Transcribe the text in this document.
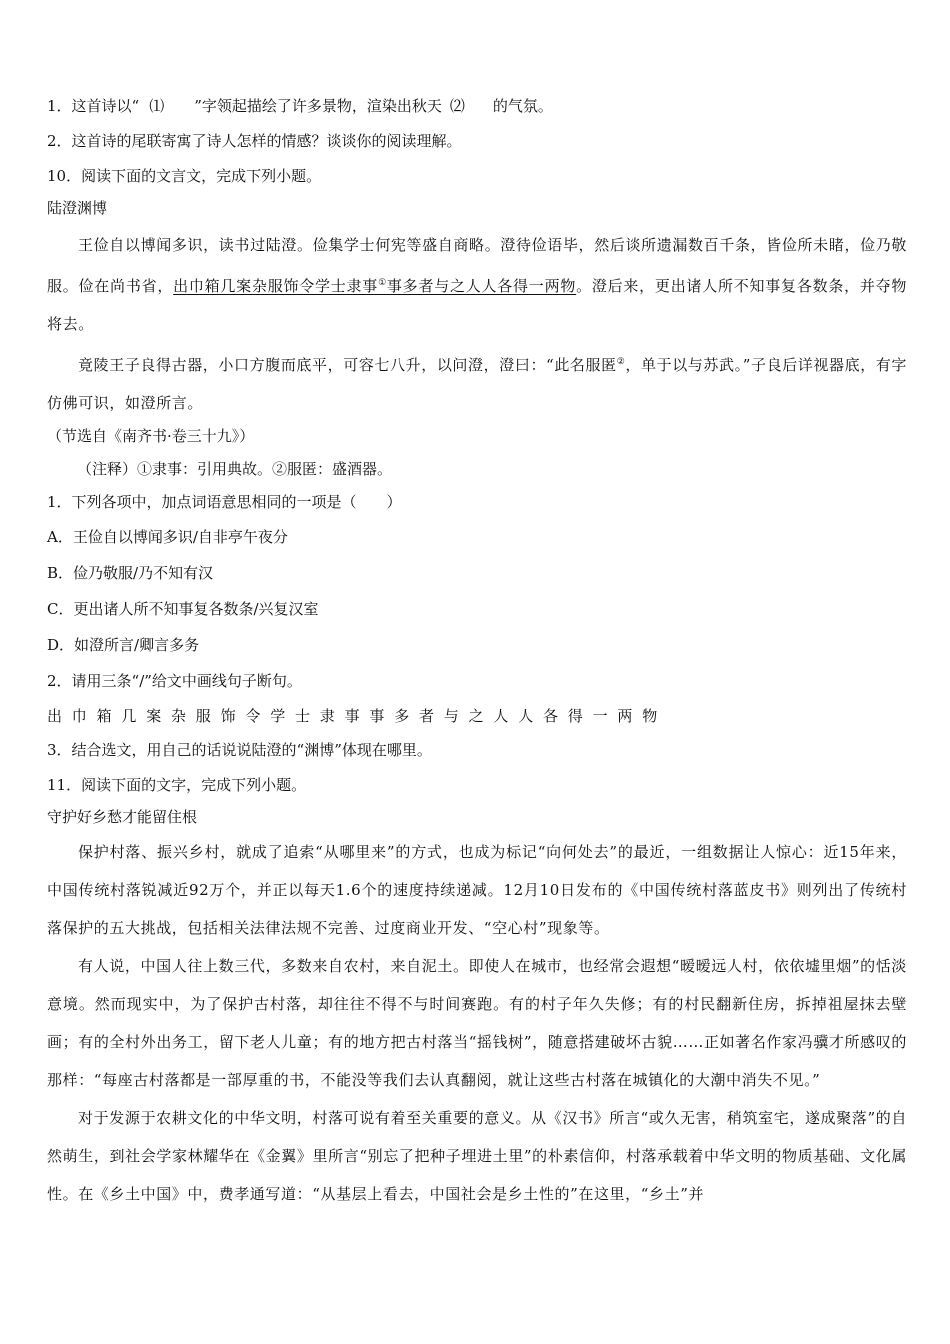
1．这首诗以“ ⑴ ”字领起描绘了许多景物，渲染出秋天 ⑵ 的气氛。
2．这首诗的尾联寄寓了诗人怎样的情感？谈谈你的阅读理解。
10．阅读下面的文言文，完成下列小题。
陆澄渊博

王俭自以博闻多识，读书过陆澄。俭集学士何宪等盛自商略。澄待俭语毕，然后谈所遗漏数百千条，皆俭所未睹，俭乃敬服。俭在尚书省，出巾箱几案杂服饰令学士隶事①事多者与之人人各得一两物。澄后来，更出诸人所不知事复各数条，并夺物将去。

竟陵王子良得古器，小口方腹而底平，可容七八升，以问澄，澄曰：“此名服匿②，单于以与苏武。”子良后详视器底，有字仿佛可识，如澄所言。

（节选自《南齐书·卷三十九》）
（注释）①隶事：引用典故。②服匿：盛酒器。
1．下列各项中，加点词语意思相同的一项是（　　）
A．王俭自以博闻多识/自非亭午夜分
B．俭乃敬服/乃不知有汉
C．更出诸人所不知事复各数条/兴复汉室
D．如澄所言/卿言多务
2．请用三条“/”给文中画线句子断句。
出巾箱几案杂服饰令学士隶事事多者与之人人各得一两物
3．结合选文，用自己的话说说陆澄的“渊博”体现在哪里。
11．阅读下面的文字，完成下列小题。
守护好乡愁才能留住根

保护村落、振兴乡村，就成了追索“从哪里来”的方式，也成为标记“向何处去”的最近，一组数据让人惊心：近15年来，中国传统村落锐减近92万个，并正以每天1.6个的速度持续递减。12月10日发布的《中国传统村落蓝皮书》则列出了传统村落保护的五大挑战，包括相关法律法规不完善、过度商业开发、“空心村”现象等。

有人说，中国人往上数三代，多数来自农村，来自泥土。即使人在城市，也经常会遐想“暧暧远人村，依依墟里烟”的恬淡意境。然而现实中，为了保护古村落，却往往不得不与时间赛跑。有的村子年久失修；有的村民翻新住房，拆掉祖屋抹去壁画；有的全村外出务工，留下老人儿童；有的地方把古村落当“摇钱树”，随意搭建破坏古貌……正如著名作家冯骥才所感叹的那样：“每座古村落都是一部厚重的书，不能没等我们去认真翻阅，就让这些古村落在城镇化的大潮中消失不见。”

对于发源于农耕文化的中华文明，村落可说有着至关重要的意义。从《汉书》所言“或久无害，稍筑室宅，遂成聚落”的自然萌生，到社会学家林耀华在《金翼》里所言“别忘了把种子埋进土里”的朴素信仰，村落承载着中华文明的物质基础、文化属性。在《乡土中国》中，费孝通写道：“从基层上看去，中国社会是乡土性的”在这里，“乡土”并
